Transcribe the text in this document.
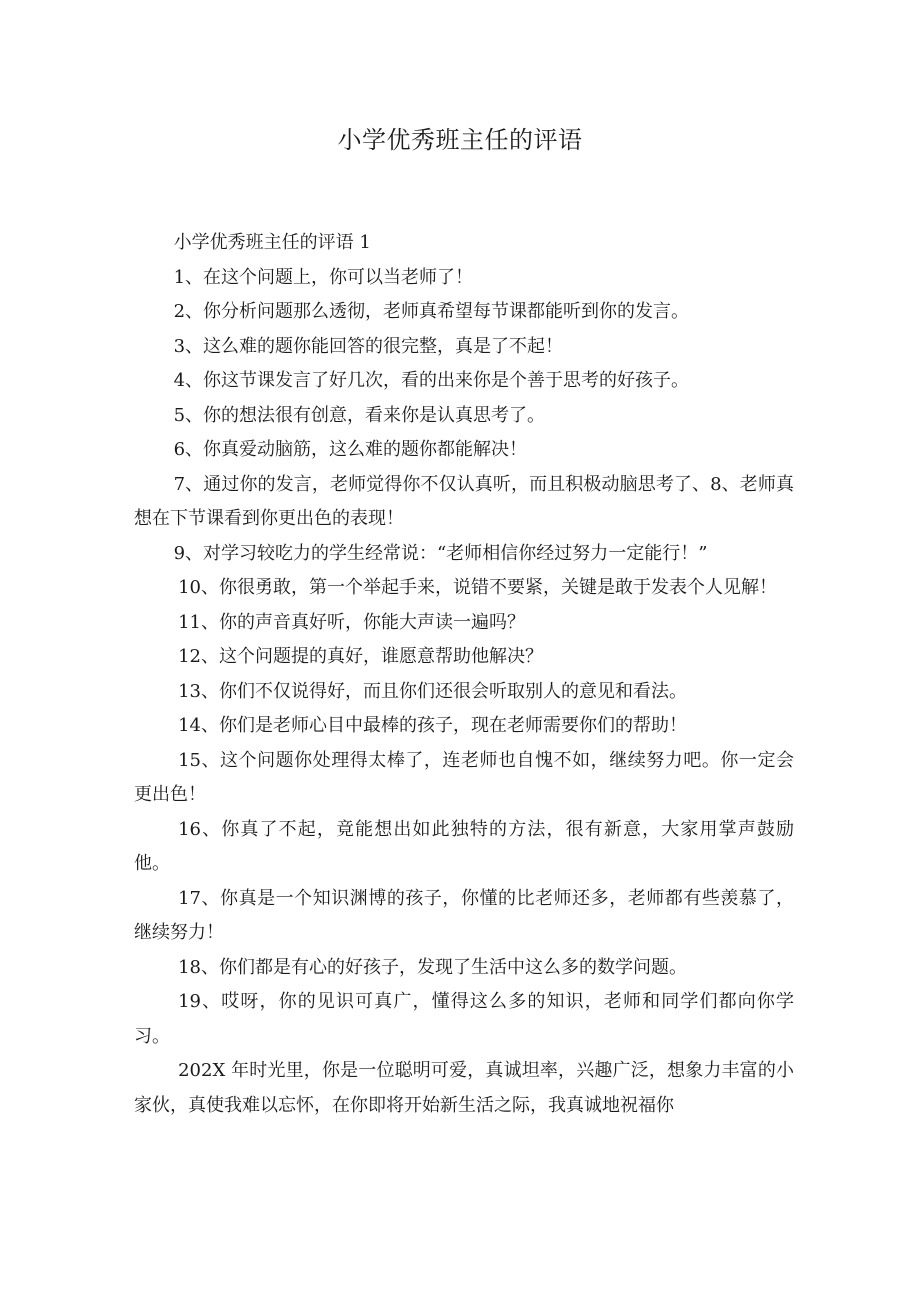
小学优秀班主任的评语

小学优秀班主任的评语 1

1、在这个问题上，你可以当老师了！

2、你分析问题那么透彻，老师真希望每节课都能听到你的发言。

3、这么难的题你能回答的很完整，真是了不起！

4、你这节课发言了好几次，看的出来你是个善于思考的好孩子。

5、你的想法很有创意，看来你是认真思考了。

6、你真爱动脑筋，这么难的题你都能解决！

7、通过你的发言，老师觉得你不仅认真听，而且积极动脑思考了、8、老师真想在下节课看到你更出色的表现！

9、对学习较吃力的学生经常说：“老师相信你经过努力一定能行！”

10、你很勇敢，第一个举起手来，说错不要紧，关键是敢于发表个人见解！

11、你的声音真好听，你能大声读一遍吗？

12、这个问题提的真好，谁愿意帮助他解决？

13、你们不仅说得好，而且你们还很会听取别人的意见和看法。

14、你们是老师心目中最棒的孩子，现在老师需要你们的帮助！

15、这个问题你处理得太棒了，连老师也自愧不如，继续努力吧。你一定会更出色！

16、你真了不起，竟能想出如此独特的方法，很有新意，大家用掌声鼓励他。

17、你真是一个知识渊博的孩子，你懂的比老师还多，老师都有些羡慕了，继续努力！

18、你们都是有心的好孩子，发现了生活中这么多的数学问题。

19、哎呀，你的见识可真广，懂得这么多的知识，老师和同学们都向你学习。

202X 年时光里，你是一位聪明可爱，真诚坦率，兴趣广泛，想象力丰富的小家伙，真使我难以忘怀，在你即将开始新生活之际，我真诚地祝福你
